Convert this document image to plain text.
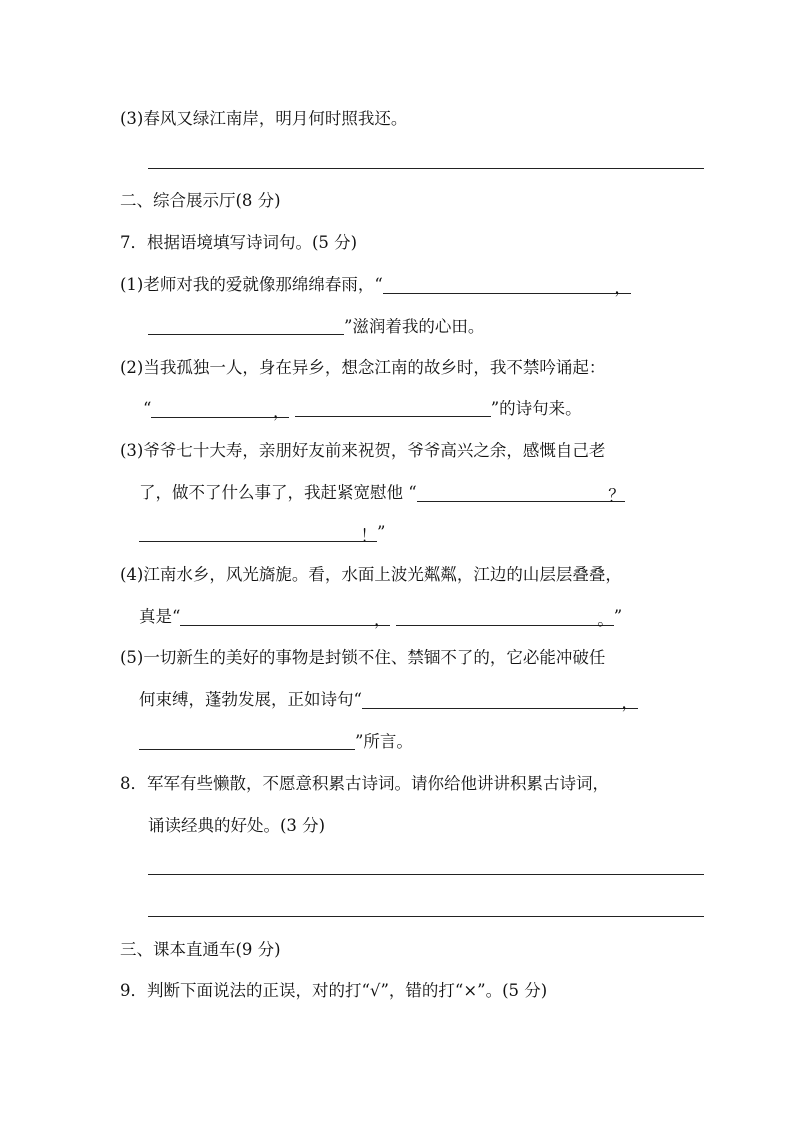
(3)春风又绿江南岸，明月何时照我还。
二、综合展示厅(8 分)
7．根据语境填写诗词句。(5 分)
(1)老师对我的爱就像那绵绵春雨，“	，
”滋润着我的心田。
(2)当我孤独一人，身在异乡，想念江南的故乡时，我不禁吟诵起：
“	，	”的诗句来。
(3)爷爷七十大寿，亲朋好友前来祝贺，爷爷高兴之余，感慨自己老
了，做不了什么事了，我赶紧宽慰他 “	？
！”
(4)江南水乡，风光旖旎。看，水面上波光粼粼，江边的山层层叠叠，
真是“	，	。”
(5)一切新生的美好的事物是封锁不住、禁锢不了的，它必能冲破任
何束缚，蓬勃发展，正如诗句“	，
”所言。
8．军军有些懒散，不愿意积累古诗词。请你给他讲讲积累古诗词，
诵读经典的好处。(3 分)
三、课本直通车(9 分)
9．判断下面说法的正误，对的打“√”，错的打“×”。(5 分)
